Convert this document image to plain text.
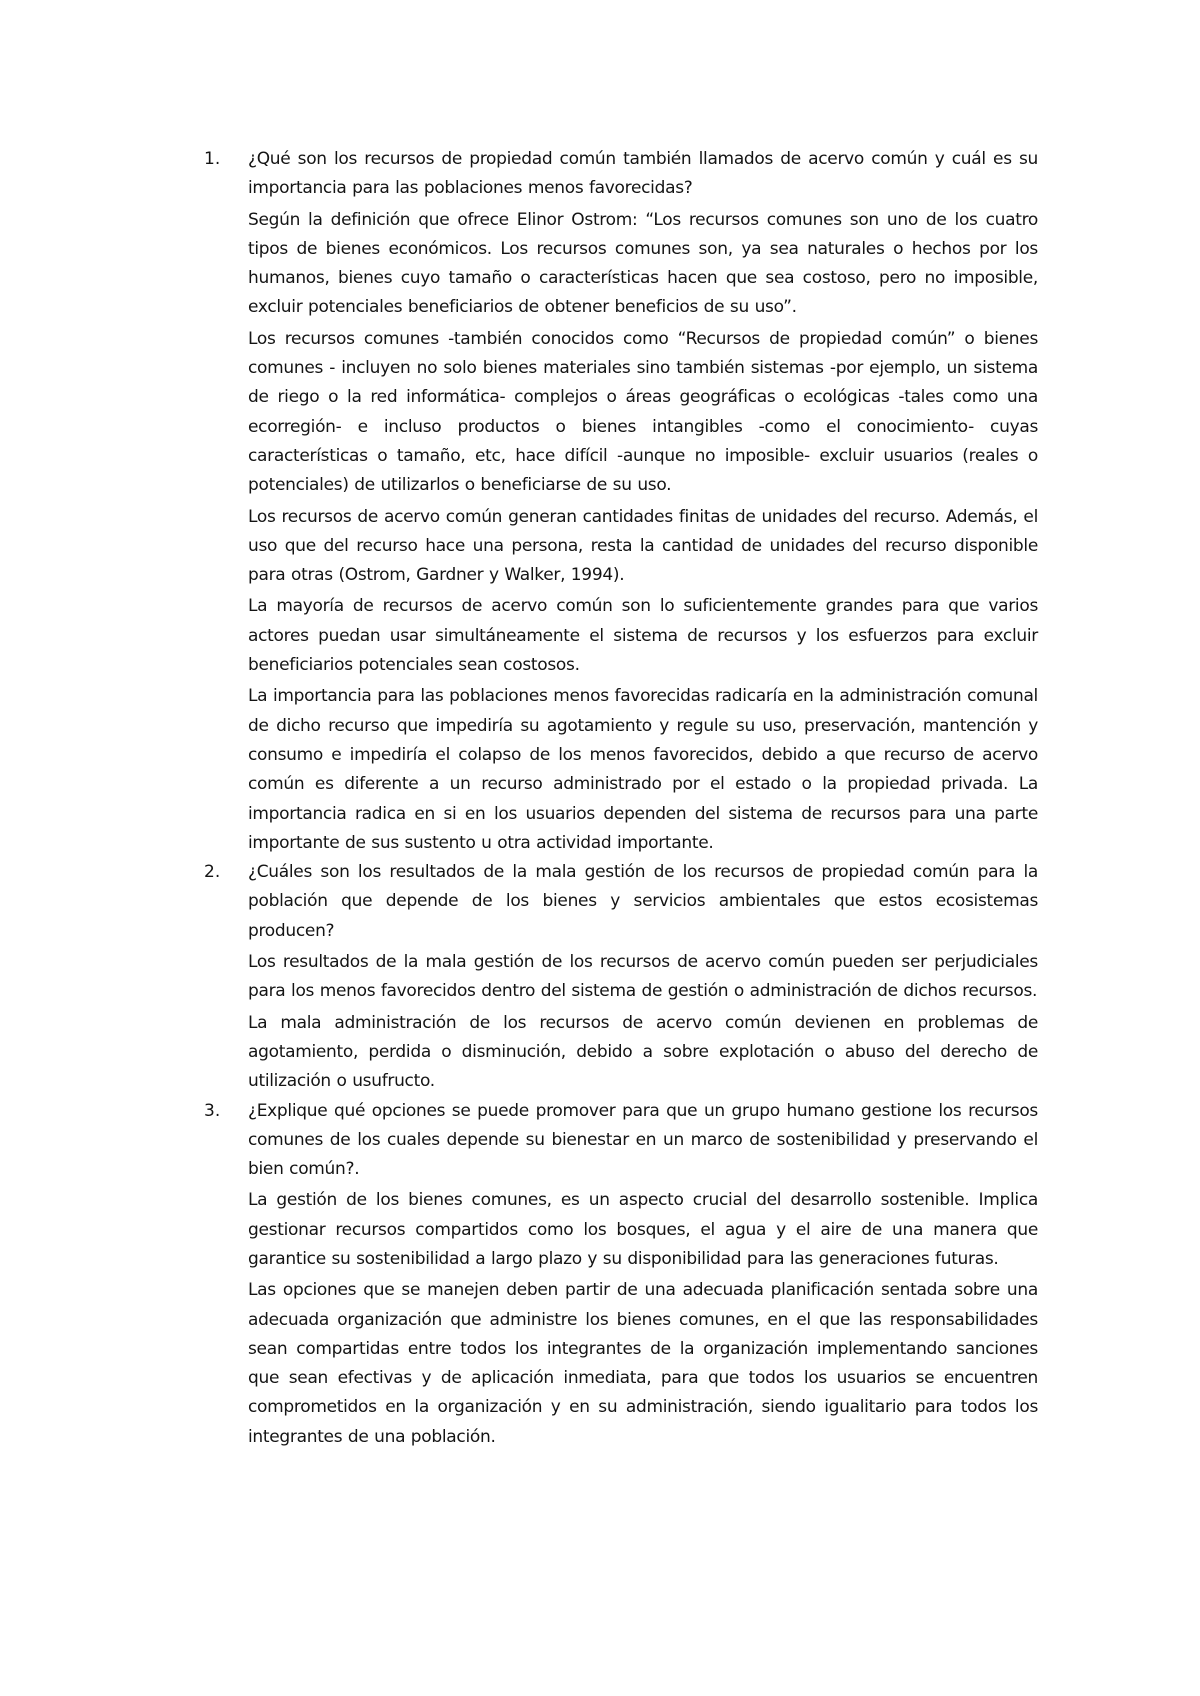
1. ¿Qué son los recursos de propiedad común también llamados de acervo común y cuál es su importancia para las poblaciones menos favorecidas?

Según la definición que ofrece Elinor Ostrom: “Los recursos comunes son uno de los cuatro tipos de bienes económicos. Los recursos comunes son, ya sea naturales o hechos por los humanos, bienes cuyo tamaño o características hacen que sea costoso, pero no imposible, excluir potenciales beneficiarios de obtener beneficios de su uso”.

Los recursos comunes -también conocidos como “Recursos de propiedad común” o bienes comunes - incluyen no solo bienes materiales sino también sistemas -por ejemplo, un sistema de riego o la red informática- complejos o áreas geográficas o ecológicas -tales como una ecorregión- e incluso productos o bienes intangibles -como el conocimiento- cuyas características o tamaño, etc, hace difícil -aunque no imposible- excluir usuarios (reales o potenciales) de utilizarlos o beneficiarse de su uso.

Los recursos de acervo común generan cantidades finitas de unidades del recurso. Además, el uso que del recurso hace una persona, resta la cantidad de unidades del recurso disponible para otras (Ostrom, Gardner y Walker, 1994).

La mayoría de recursos de acervo común son lo suficientemente grandes para que varios actores puedan usar simultáneamente el sistema de recursos y los esfuerzos para excluir beneficiarios potenciales sean costosos.

La importancia para las poblaciones menos favorecidas radicaría en la administración comunal de dicho recurso que impediría su agotamiento y regule su uso, preservación, mantención y consumo e impediría el colapso de los menos favorecidos, debido a que recurso de acervo común es diferente a un recurso administrado por el estado o la propiedad privada. La importancia radica en si en los usuarios dependen del sistema de recursos para una parte importante de sus sustento u otra actividad importante.

2. ¿Cuáles son los resultados de la mala gestión de los recursos de propiedad común para la población que depende de los bienes y servicios ambientales que estos ecosistemas producen?

Los resultados de la mala gestión de los recursos de acervo común pueden ser perjudiciales para los menos favorecidos dentro del sistema de gestión o administración de dichos recursos.

La mala administración de los recursos de acervo común devienen en problemas de agotamiento, perdida o disminución, debido a sobre explotación o abuso del derecho de utilización o usufructo.

3. ¿Explique qué opciones se puede promover para que un grupo humano gestione los recursos comunes de los cuales depende su bienestar en un marco de sostenibilidad y preservando el bien común?.

La gestión de los bienes comunes, es un aspecto crucial del desarrollo sostenible. Implica gestionar recursos compartidos como los bosques, el agua y el aire de una manera que garantice su sostenibilidad a largo plazo y su disponibilidad para las generaciones futuras.

Las opciones que se manejen deben partir de una adecuada planificación sentada sobre una adecuada organización que administre los bienes comunes, en el que las responsabilidades sean compartidas entre todos los integrantes de la organización implementando sanciones que sean efectivas y de aplicación inmediata, para que todos los usuarios se encuentren comprometidos en la organización y en su administración, siendo igualitario para todos los integrantes de una población.
